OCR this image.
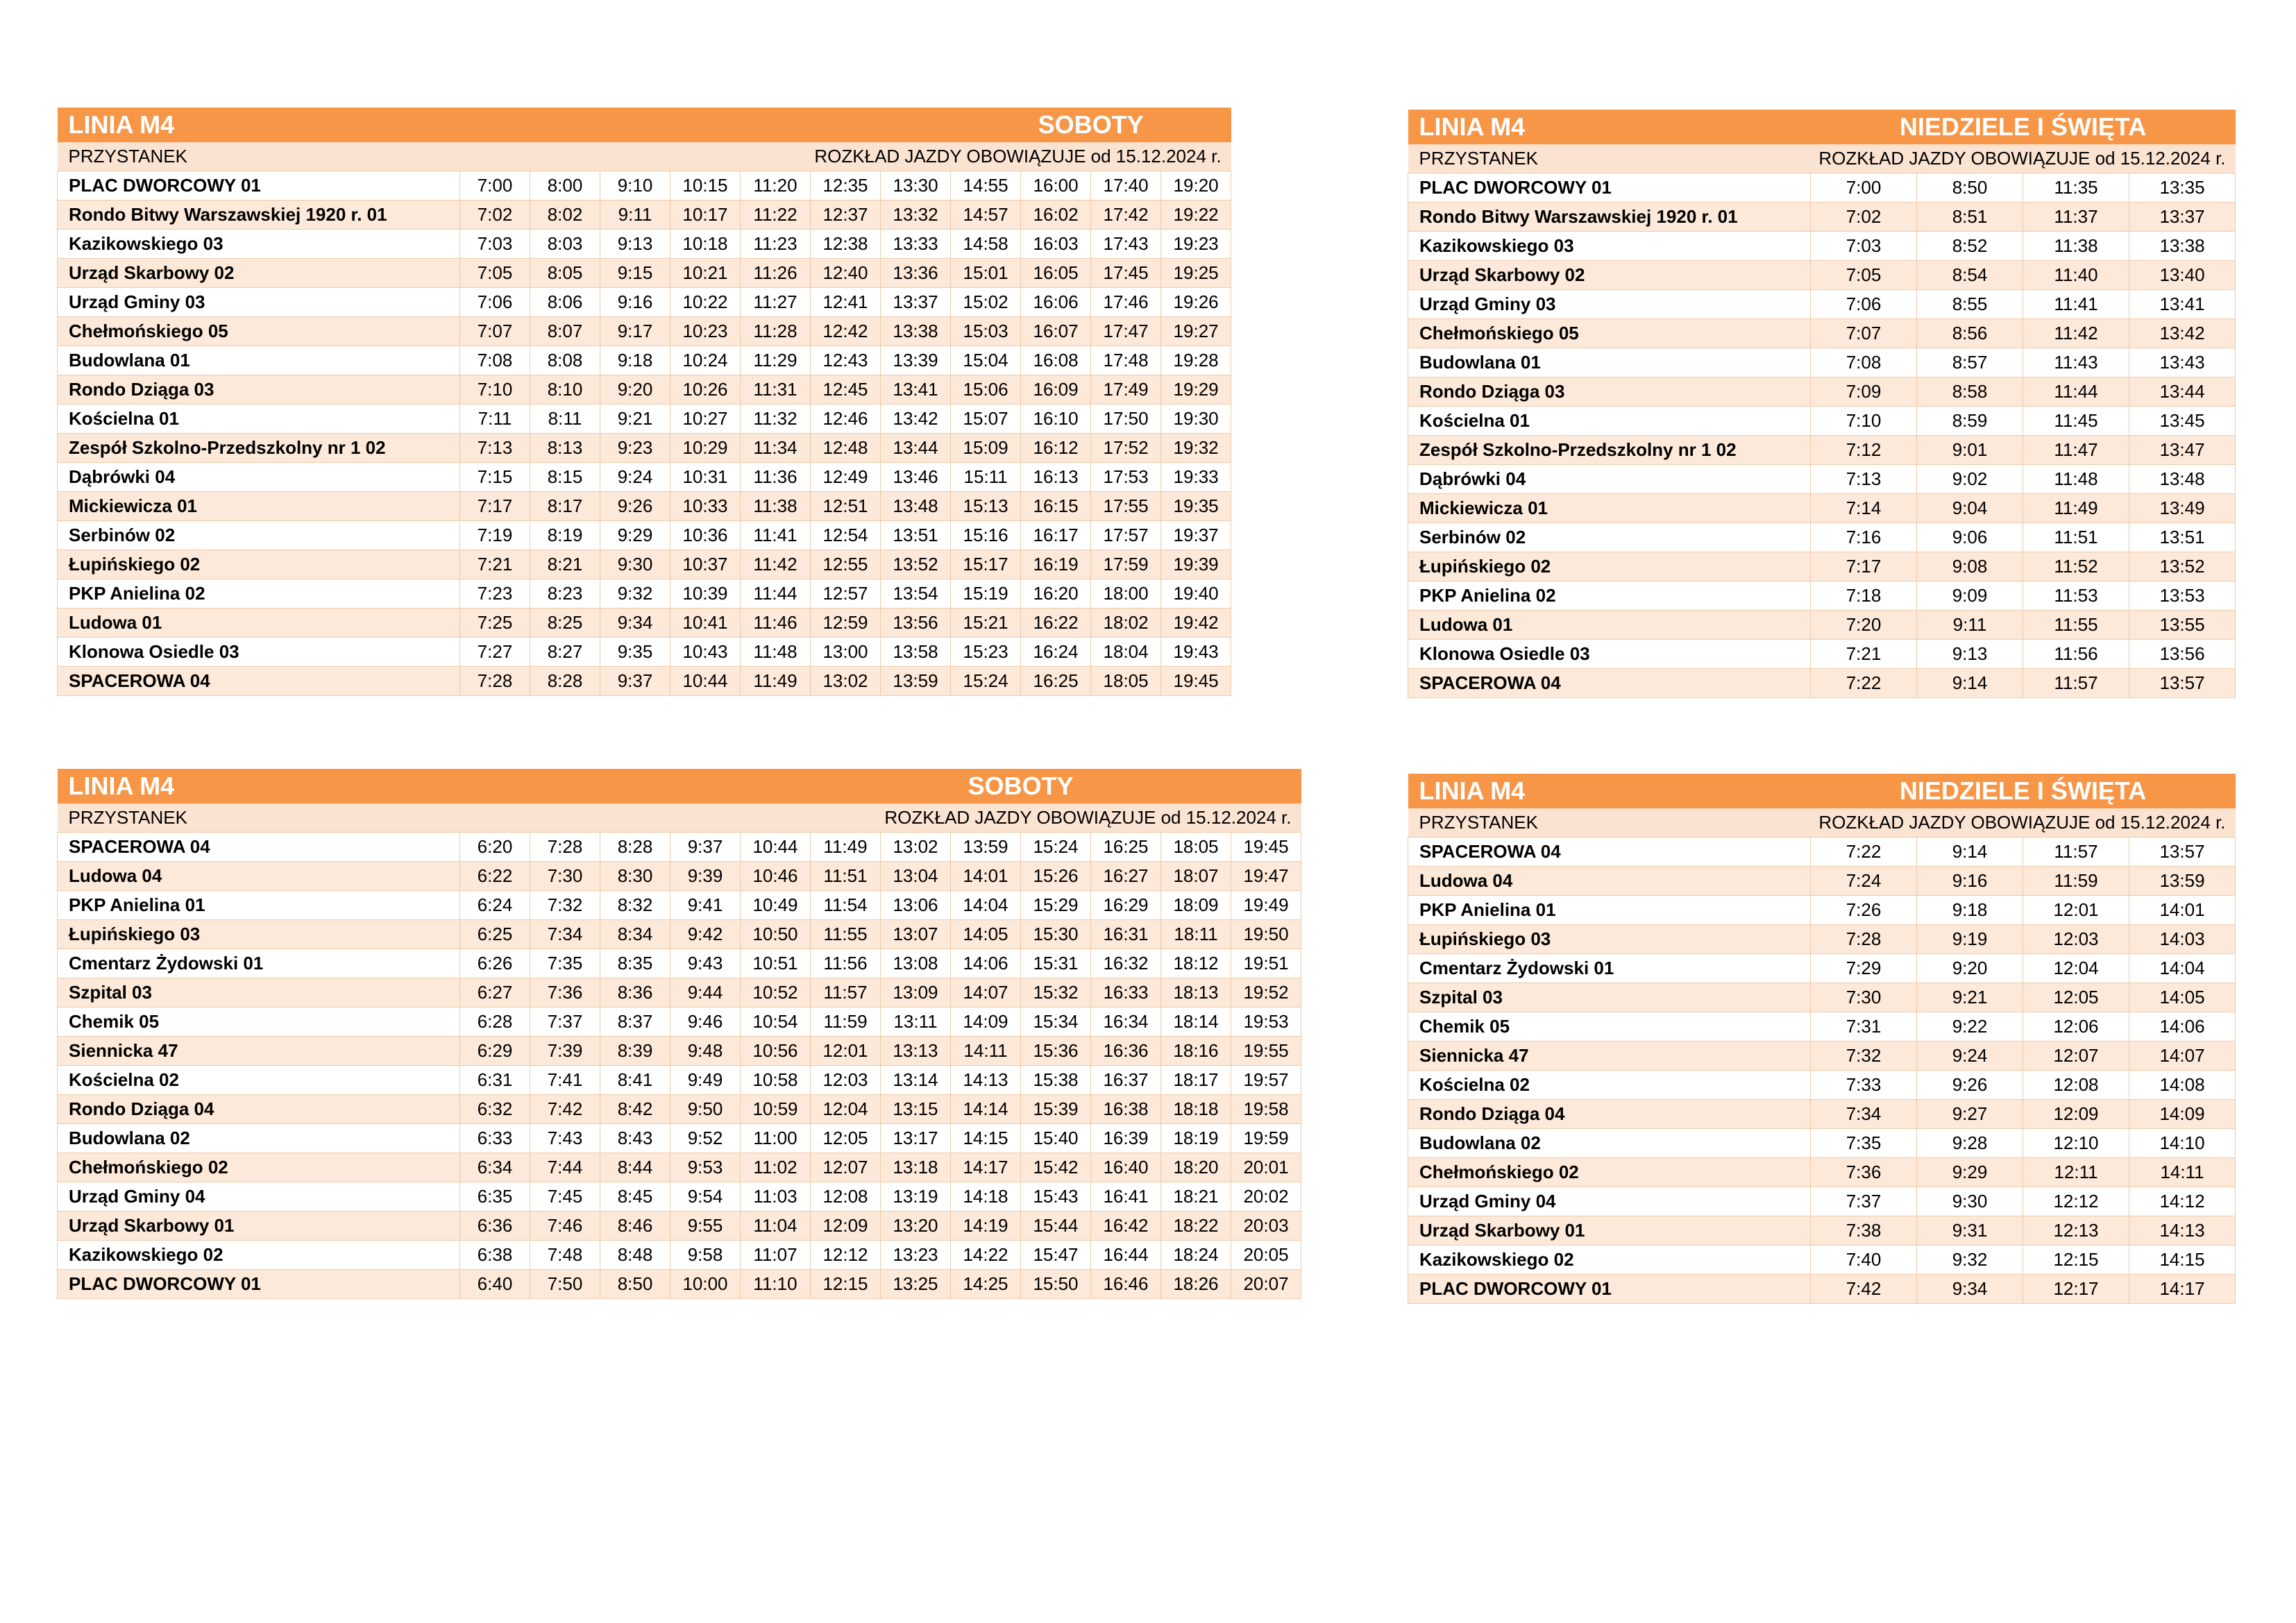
LINIA M4								SOBOTY			
PRZYSTANEK	ROZKŁAD JAZDY OBOWIĄZUJE od 15.12.2024 r.										
PLAC DWORCOWY 01	7:00	8:00	9:10	10:15	11:20	12:35	13:30	14:55	16:00	17:40	19:20
Rondo Bitwy Warszawskiej 1920 r. 01	7:02	8:02	9:11	10:17	11:22	12:37	13:32	14:57	16:02	17:42	19:22
Kazikowskiego 03	7:03	8:03	9:13	10:18	11:23	12:38	13:33	14:58	16:03	17:43	19:23
Urząd Skarbowy 02	7:05	8:05	9:15	10:21	11:26	12:40	13:36	15:01	16:05	17:45	19:25
Urząd Gminy 03	7:06	8:06	9:16	10:22	11:27	12:41	13:37	15:02	16:06	17:46	19:26
Chełmońskiego 05	7:07	8:07	9:17	10:23	11:28	12:42	13:38	15:03	16:07	17:47	19:27
Budowlana 01	7:08	8:08	9:18	10:24	11:29	12:43	13:39	15:04	16:08	17:48	19:28
Rondo Dziąga 03	7:10	8:10	9:20	10:26	11:31	12:45	13:41	15:06	16:09	17:49	19:29
Kościelna 01	7:11	8:11	9:21	10:27	11:32	12:46	13:42	15:07	16:10	17:50	19:30
Zespół Szkolno-Przedszkolny nr 1 02	7:13	8:13	9:23	10:29	11:34	12:48	13:44	15:09	16:12	17:52	19:32
Dąbrówki 04	7:15	8:15	9:24	10:31	11:36	12:49	13:46	15:11	16:13	17:53	19:33
Mickiewicza 01	7:17	8:17	9:26	10:33	11:38	12:51	13:48	15:13	16:15	17:55	19:35
Serbinów 02	7:19	8:19	9:29	10:36	11:41	12:54	13:51	15:16	16:17	17:57	19:37
Łupińskiego 02	7:21	8:21	9:30	10:37	11:42	12:55	13:52	15:17	16:19	17:59	19:39
PKP Anielina 02	7:23	8:23	9:32	10:39	11:44	12:57	13:54	15:19	16:20	18:00	19:40
Ludowa 01	7:25	8:25	9:34	10:41	11:46	12:59	13:56	15:21	16:22	18:02	19:42
Klonowa Osiedle 03	7:27	8:27	9:35	10:43	11:48	13:00	13:58	15:23	16:24	18:04	19:43
SPACEROWA 04	7:28	8:28	9:37	10:44	11:49	13:02	13:59	15:24	16:25	18:05	19:45
LINIA M4	NIEDZIELE I ŚWIĘTA			
PRZYSTANEK	ROZKŁAD JAZDY OBOWIĄZUJE od 15.12.2024 r.			
PLAC DWORCOWY 01	7:00	8:50	11:35	13:35
Rondo Bitwy Warszawskiej 1920 r. 01	7:02	8:51	11:37	13:37
Kazikowskiego 03	7:03	8:52	11:38	13:38
Urząd Skarbowy 02	7:05	8:54	11:40	13:40
Urząd Gminy 03	7:06	8:55	11:41	13:41
Chełmońskiego 05	7:07	8:56	11:42	13:42
Budowlana 01	7:08	8:57	11:43	13:43
Rondo Dziąga 03	7:09	8:58	11:44	13:44
Kościelna 01	7:10	8:59	11:45	13:45
Zespół Szkolno-Przedszkolny nr 1 02	7:12	9:01	11:47	13:47
Dąbrówki 04	7:13	9:02	11:48	13:48
Mickiewicza 01	7:14	9:04	11:49	13:49
Serbinów 02	7:16	9:06	11:51	13:51
Łupińskiego 02	7:17	9:08	11:52	13:52
PKP Anielina 02	7:18	9:09	11:53	13:53
Ludowa 01	7:20	9:11	11:55	13:55
Klonowa Osiedle 03	7:21	9:13	11:56	13:56
SPACEROWA 04	7:22	9:14	11:57	13:57
LINIA M4					SOBOTY							
PRZYSTANEK	ROZKŁAD JAZDY OBOWIĄZUJE od 15.12.2024 r.											
SPACEROWA 04	6:20	7:28	8:28	9:37	10:44	11:49	13:02	13:59	15:24	16:25	18:05	19:45
Ludowa 04	6:22	7:30	8:30	9:39	10:46	11:51	13:04	14:01	15:26	16:27	18:07	19:47
PKP Anielina 01	6:24	7:32	8:32	9:41	10:49	11:54	13:06	14:04	15:29	16:29	18:09	19:49
Łupińskiego 03	6:25	7:34	8:34	9:42	10:50	11:55	13:07	14:05	15:30	16:31	18:11	19:50
Cmentarz Żydowski 01	6:26	7:35	8:35	9:43	10:51	11:56	13:08	14:06	15:31	16:32	18:12	19:51
Szpital 03	6:27	7:36	8:36	9:44	10:52	11:57	13:09	14:07	15:32	16:33	18:13	19:52
Chemik 05	6:28	7:37	8:37	9:46	10:54	11:59	13:11	14:09	15:34	16:34	18:14	19:53
Siennicka 47	6:29	7:39	8:39	9:48	10:56	12:01	13:13	14:11	15:36	16:36	18:16	19:55
Kościelna 02	6:31	7:41	8:41	9:49	10:58	12:03	13:14	14:13	15:38	16:37	18:17	19:57
Rondo Dziąga 04	6:32	7:42	8:42	9:50	10:59	12:04	13:15	14:14	15:39	16:38	18:18	19:58
Budowlana 02	6:33	7:43	8:43	9:52	11:00	12:05	13:17	14:15	15:40	16:39	18:19	19:59
Chełmońskiego 02	6:34	7:44	8:44	9:53	11:02	12:07	13:18	14:17	15:42	16:40	18:20	20:01
Urząd Gminy 04	6:35	7:45	8:45	9:54	11:03	12:08	13:19	14:18	15:43	16:41	18:21	20:02
Urząd Skarbowy 01	6:36	7:46	8:46	9:55	11:04	12:09	13:20	14:19	15:44	16:42	18:22	20:03
Kazikowskiego 02	6:38	7:48	8:48	9:58	11:07	12:12	13:23	14:22	15:47	16:44	18:24	20:05
PLAC DWORCOWY 01	6:40	7:50	8:50	10:00	11:10	12:15	13:25	14:25	15:50	16:46	18:26	20:07
LINIA M4	NIEDZIELE I ŚWIĘTA			
PRZYSTANEK	ROZKŁAD JAZDY OBOWIĄZUJE od 15.12.2024 r.			
SPACEROWA 04	7:22	9:14	11:57	13:57
Ludowa 04	7:24	9:16	11:59	13:59
PKP Anielina 01	7:26	9:18	12:01	14:01
Łupińskiego 03	7:28	9:19	12:03	14:03
Cmentarz Żydowski 01	7:29	9:20	12:04	14:04
Szpital 03	7:30	9:21	12:05	14:05
Chemik 05	7:31	9:22	12:06	14:06
Siennicka 47	7:32	9:24	12:07	14:07
Kościelna 02	7:33	9:26	12:08	14:08
Rondo Dziąga 04	7:34	9:27	12:09	14:09
Budowlana 02	7:35	9:28	12:10	14:10
Chełmońskiego 02	7:36	9:29	12:11	14:11
Urząd Gminy 04	7:37	9:30	12:12	14:12
Urząd Skarbowy 01	7:38	9:31	12:13	14:13
Kazikowskiego 02	7:40	9:32	12:15	14:15
PLAC DWORCOWY 01	7:42	9:34	12:17	14:17
